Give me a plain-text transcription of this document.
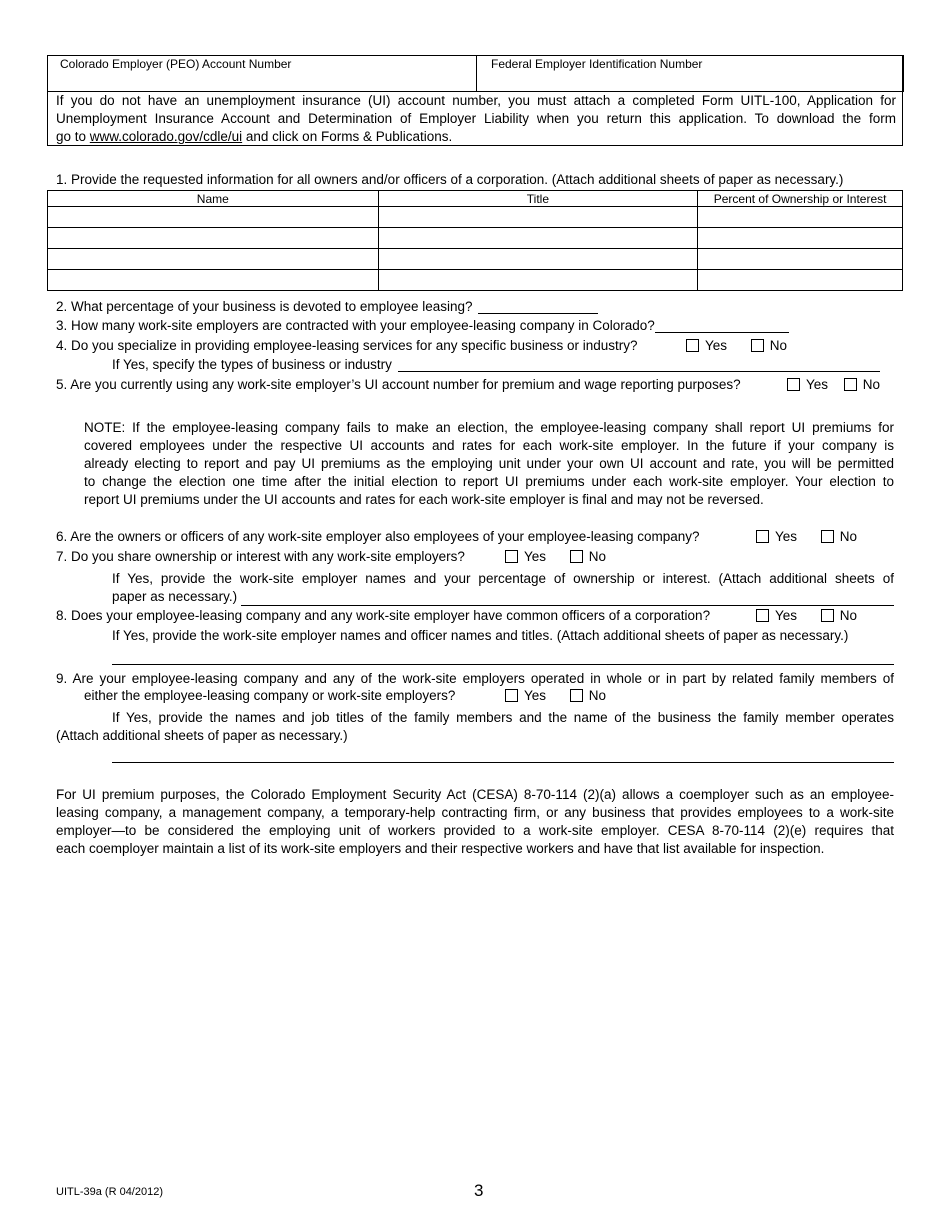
Colorado Employer (PEO) Account Number	Federal Employer Identification Number
If you do not have an unemployment insurance (UI) account number, you must attach a completed Form UITL-100, Application for
Unemployment Insurance Account and Determination of Employer Liability when you return this application. To download the form
go to www.colorado.gov/cdle/ui and click on Forms & Publications.
1. Provide the requested information for all owners and/or officers of a corporation. (Attach additional sheets of paper as necessary.)
Name	Title	Percent of Ownership or Interest

2. What percentage of your business is devoted to employee leasing?
3. How many work-site employers are contracted with your employee-leasing company in Colorado?
4. Do you specialize in providing employee-leasing services for any specific business or industry?	Yes
	No
If Yes, specify the types of business or industry
5. Are you currently using any work-site employer’s UI account number for premium and wage reporting purposes?	Yes
	No
NOTE: If the employee-leasing company fails to make an election, the employee-leasing company shall report UI premiums for
covered employees under the respective UI accounts and rates for each work-site employer. In the future if your company is
already electing to report and pay UI premiums as the employing unit under your own UI account and rate, you will be permitted
to change the election one time after the initial election to report UI premiums under each work-site employer. Your election to
report UI premiums under the UI accounts and rates for each work-site employer is final and may not be reversed.
6. Are the owners or officers of any work-site employer also employees of your employee-leasing company?	Yes
	No
7. Do you share ownership or interest with any work-site employers?	Yes
	No
If Yes, provide the work-site employer names and your percentage of ownership or interest. (Attach additional sheets of
paper as necessary.)
8. Does your employee-leasing company and any work-site employer have common officers of a corporation?	Yes
	No
If Yes, provide the work-site employer names and officer names and titles. (Attach additional sheets of paper as necessary.)
9. Are your employee-leasing company and any of the work-site employers operated in whole or in part by related family members of
either the employee-leasing company or work-site employers?	Yes
	No
If Yes, provide the names and job titles of the family members and the name of the business the family member operates
(Attach additional sheets of paper as necessary.)
For UI premium purposes, the Colorado Employment Security Act (CESA) 8-70-114 (2)(a) allows a coemployer such as an employee-
leasing company, a management company, a temporary-help contracting firm, or any business that provides employees to a work-site
employer—to be considered the employing unit of workers provided to a work-site employer. CESA 8-70-114 (2)(e) requires that
each coemployer maintain a list of its work-site employers and their respective workers and have that list available for inspection.
UITL-39a (R 04/2012)	3
